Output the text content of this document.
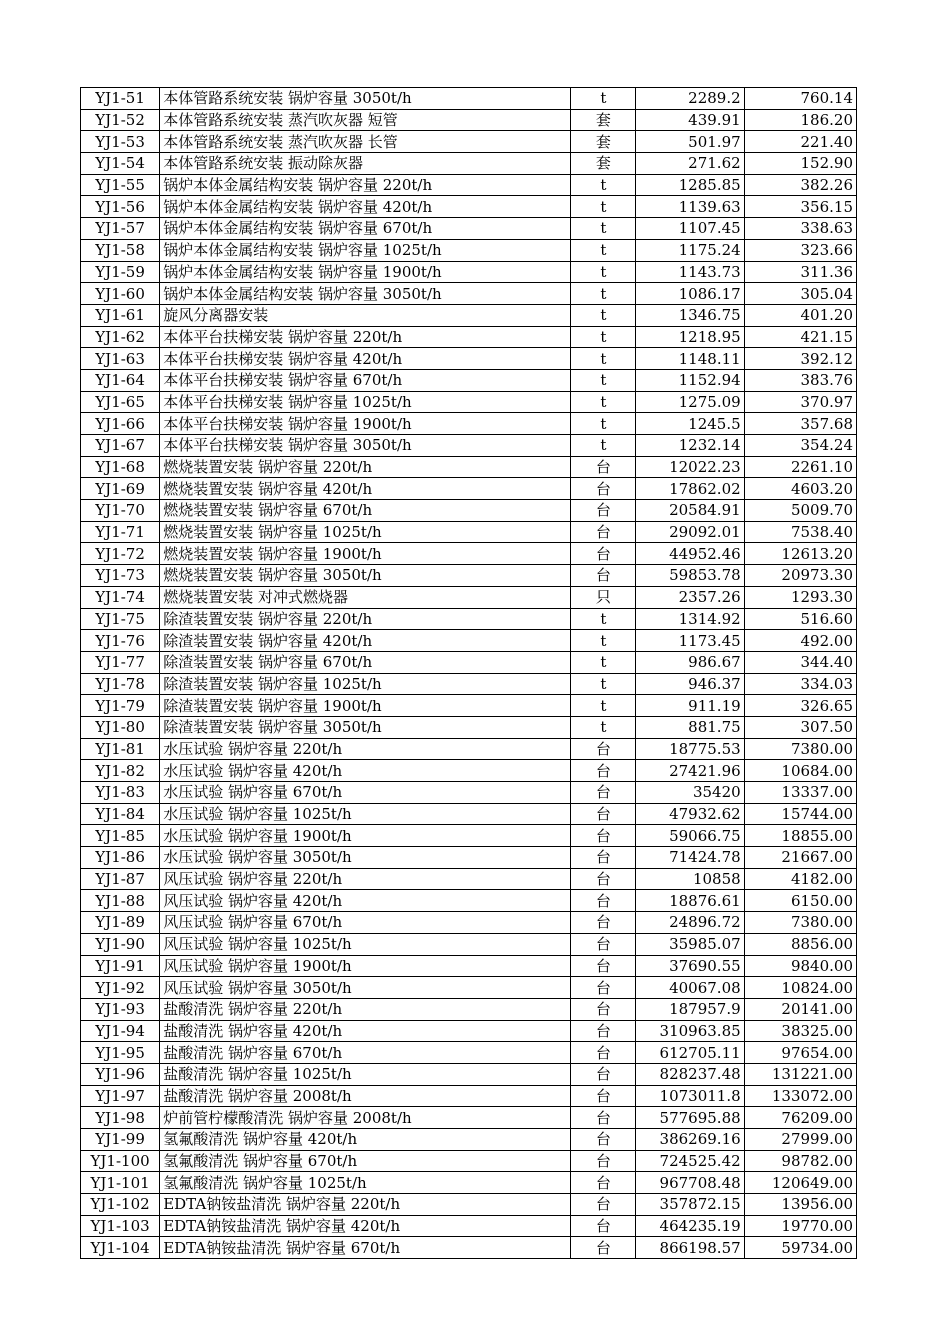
YJ1-51	本体管路系统安装 锅炉容量 3050t/h	t	2289.2	760.14
YJ1-52	本体管路系统安装 蒸汽吹灰器 短管	套	439.91	186.20
YJ1-53	本体管路系统安装 蒸汽吹灰器 长管	套	501.97	221.40
YJ1-54	本体管路系统安装 振动除灰器	套	271.62	152.90
YJ1-55	锅炉本体金属结构安装 锅炉容量 220t/h	t	1285.85	382.26
YJ1-56	锅炉本体金属结构安装 锅炉容量 420t/h	t	1139.63	356.15
YJ1-57	锅炉本体金属结构安装 锅炉容量 670t/h	t	1107.45	338.63
YJ1-58	锅炉本体金属结构安装 锅炉容量 1025t/h	t	1175.24	323.66
YJ1-59	锅炉本体金属结构安装 锅炉容量 1900t/h	t	1143.73	311.36
YJ1-60	锅炉本体金属结构安装 锅炉容量 3050t/h	t	1086.17	305.04
YJ1-61	旋风分离器安装	t	1346.75	401.20
YJ1-62	本体平台扶梯安装 锅炉容量 220t/h	t	1218.95	421.15
YJ1-63	本体平台扶梯安装 锅炉容量 420t/h	t	1148.11	392.12
YJ1-64	本体平台扶梯安装 锅炉容量 670t/h	t	1152.94	383.76
YJ1-65	本体平台扶梯安装 锅炉容量 1025t/h	t	1275.09	370.97
YJ1-66	本体平台扶梯安装 锅炉容量 1900t/h	t	1245.5	357.68
YJ1-67	本体平台扶梯安装 锅炉容量 3050t/h	t	1232.14	354.24
YJ1-68	燃烧装置安装 锅炉容量 220t/h	台	12022.23	2261.10
YJ1-69	燃烧装置安装 锅炉容量 420t/h	台	17862.02	4603.20
YJ1-70	燃烧装置安装 锅炉容量 670t/h	台	20584.91	5009.70
YJ1-71	燃烧装置安装 锅炉容量 1025t/h	台	29092.01	7538.40
YJ1-72	燃烧装置安装 锅炉容量 1900t/h	台	44952.46	12613.20
YJ1-73	燃烧装置安装 锅炉容量 3050t/h	台	59853.78	20973.30
YJ1-74	燃烧装置安装 对冲式燃烧器	只	2357.26	1293.30
YJ1-75	除渣装置安装 锅炉容量 220t/h	t	1314.92	516.60
YJ1-76	除渣装置安装 锅炉容量 420t/h	t	1173.45	492.00
YJ1-77	除渣装置安装 锅炉容量 670t/h	t	986.67	344.40
YJ1-78	除渣装置安装 锅炉容量 1025t/h	t	946.37	334.03
YJ1-79	除渣装置安装 锅炉容量 1900t/h	t	911.19	326.65
YJ1-80	除渣装置安装 锅炉容量 3050t/h	t	881.75	307.50
YJ1-81	水压试验 锅炉容量 220t/h	台	18775.53	7380.00
YJ1-82	水压试验 锅炉容量 420t/h	台	27421.96	10684.00
YJ1-83	水压试验 锅炉容量 670t/h	台	35420	13337.00
YJ1-84	水压试验 锅炉容量 1025t/h	台	47932.62	15744.00
YJ1-85	水压试验 锅炉容量 1900t/h	台	59066.75	18855.00
YJ1-86	水压试验 锅炉容量 3050t/h	台	71424.78	21667.00
YJ1-87	风压试验 锅炉容量 220t/h	台	10858	4182.00
YJ1-88	风压试验 锅炉容量 420t/h	台	18876.61	6150.00
YJ1-89	风压试验 锅炉容量 670t/h	台	24896.72	7380.00
YJ1-90	风压试验 锅炉容量 1025t/h	台	35985.07	8856.00
YJ1-91	风压试验 锅炉容量 1900t/h	台	37690.55	9840.00
YJ1-92	风压试验 锅炉容量 3050t/h	台	40067.08	10824.00
YJ1-93	盐酸清洗 锅炉容量 220t/h	台	187957.9	20141.00
YJ1-94	盐酸清洗 锅炉容量 420t/h	台	310963.85	38325.00
YJ1-95	盐酸清洗 锅炉容量 670t/h	台	612705.11	97654.00
YJ1-96	盐酸清洗 锅炉容量 1025t/h	台	828237.48	131221.00
YJ1-97	盐酸清洗 锅炉容量 2008t/h	台	1073011.8	133072.00
YJ1-98	炉前管柠檬酸清洗 锅炉容量 2008t/h	台	577695.88	76209.00
YJ1-99	氢氟酸清洗 锅炉容量 420t/h	台	386269.16	27999.00
YJ1-100	氢氟酸清洗 锅炉容量 670t/h	台	724525.42	98782.00
YJ1-101	氢氟酸清洗 锅炉容量 1025t/h	台	967708.48	120649.00
YJ1-102	EDTA钠铵盐清洗 锅炉容量 220t/h	台	357872.15	13956.00
YJ1-103	EDTA钠铵盐清洗 锅炉容量 420t/h	台	464235.19	19770.00
YJ1-104	EDTA钠铵盐清洗 锅炉容量 670t/h	台	866198.57	59734.00
